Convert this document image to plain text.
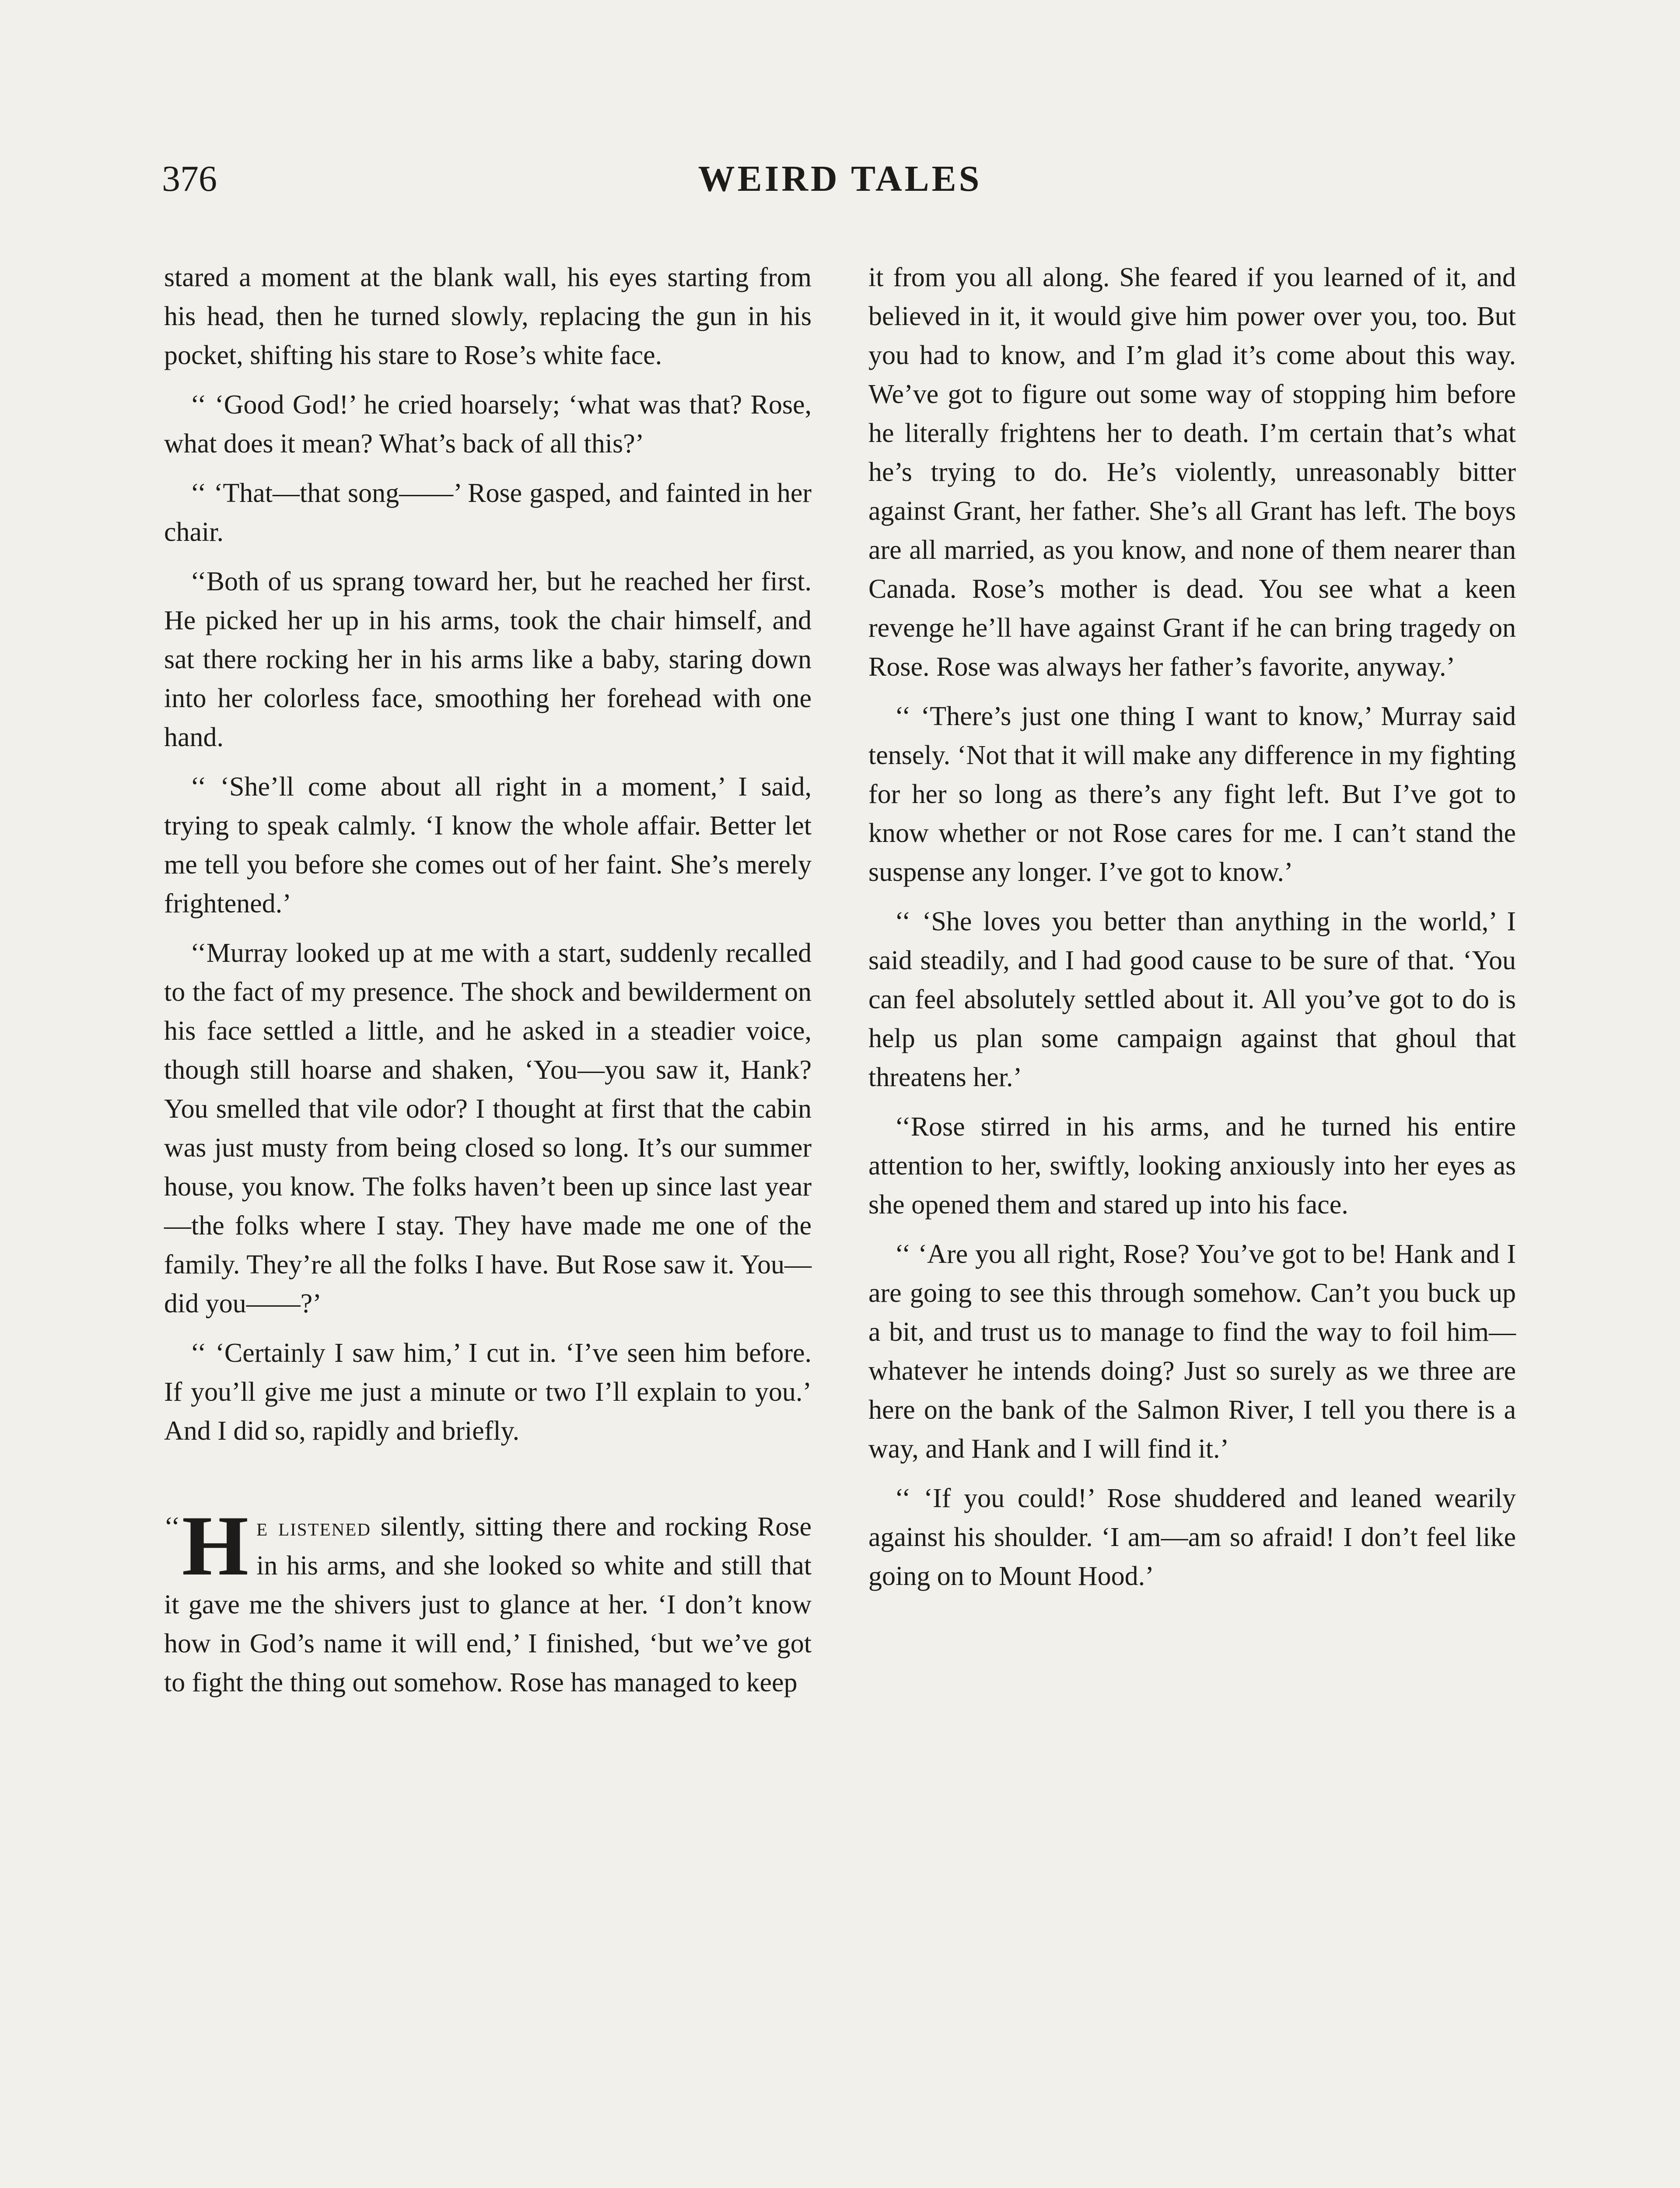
376	WEIRD TALES

stared a moment at the blank wall, his eyes starting from his head, then he turned slowly, replacing the gun in his pocket, shifting his stare to Rose’s white face.

‘‘ ‘Good God!’ he cried hoarsely; ‘what was that? Rose, what does it mean? What’s back of all this?’

‘‘ ‘That—that song——’ Rose gasped, and fainted in her chair.

‘‘Both of us sprang toward her, but he reached her first. He picked her up in his arms, took the chair himself, and sat there rocking her in his arms like a baby, staring down into her colorless face, smoothing her forehead with one hand.

‘‘ ‘She’ll come about all right in a moment,’ I said, trying to speak calmly. ‘I know the whole affair. Better let me tell you before she comes out of her faint. She’s merely frightened.’

‘‘Murray looked up at me with a start, suddenly recalled to the fact of my presence. The shock and bewilderment on his face settled a little, and he asked in a steadier voice, though still hoarse and shaken, ‘You—you saw it, Hank? You smelled that vile odor? I thought at first that the cabin was just musty from being closed so long. It’s our summer house, you know. The folks haven’t been up since last year—the folks where I stay. They have made me one of the family. They’re all the folks I have. But Rose saw it. You—did you——?’

‘‘ ‘Certainly I saw him,’ I cut in. ‘I’ve seen him before. If you’ll give me just a minute or two I’ll explain to you.’ And I did so, rapidly and briefly.

‘‘ H e listened silently, sitting there and rocking Rose in his arms, and she looked so white and still that it gave me the shivers just to glance at her. ‘I don’t know how in God’s name it will end,’ I finished, ‘but we’ve got to fight the thing out somehow. Rose has managed to keep

it from you all along. She feared if you learned of it, and believed in it, it would give him power over you, too. But you had to know, and I’m glad it’s come about this way. We’ve got to figure out some way of stopping him before he literally frightens her to death. I’m certain that’s what he’s trying to do. He’s violently, unreasonably bitter against Grant, her father. She’s all Grant has left. The boys are all married, as you know, and none of them nearer than Canada. Rose’s mother is dead. You see what a keen revenge he’ll have against Grant if he can bring tragedy on Rose. Rose was always her father’s favorite, anyway.’

‘‘ ‘There’s just one thing I want to know,’ Murray said tensely. ‘Not that it will make any difference in my fighting for her so long as there’s any fight left. But I’ve got to know whether or not Rose cares for me. I can’t stand the suspense any longer. I’ve got to know.’

‘‘ ‘She loves you better than anything in the world,’ I said steadily, and I had good cause to be sure of that. ‘You can feel absolutely settled about it. All you’ve got to do is help us plan some campaign against that ghoul that threatens her.’

‘‘Rose stirred in his arms, and he turned his entire attention to her, swiftly, looking anxiously into her eyes as she opened them and stared up into his face.

‘‘ ‘Are you all right, Rose? You’ve got to be! Hank and I are going to see this through somehow. Can’t you buck up a bit, and trust us to manage to find the way to foil him—whatever he intends doing? Just so surely as we three are here on the bank of the Salmon River, I tell you there is a way, and Hank and I will find it.’

‘‘ ‘If you could!’ Rose shuddered and leaned wearily against his shoulder. ‘I am—am so afraid! I don’t feel like going on to Mount Hood.’
